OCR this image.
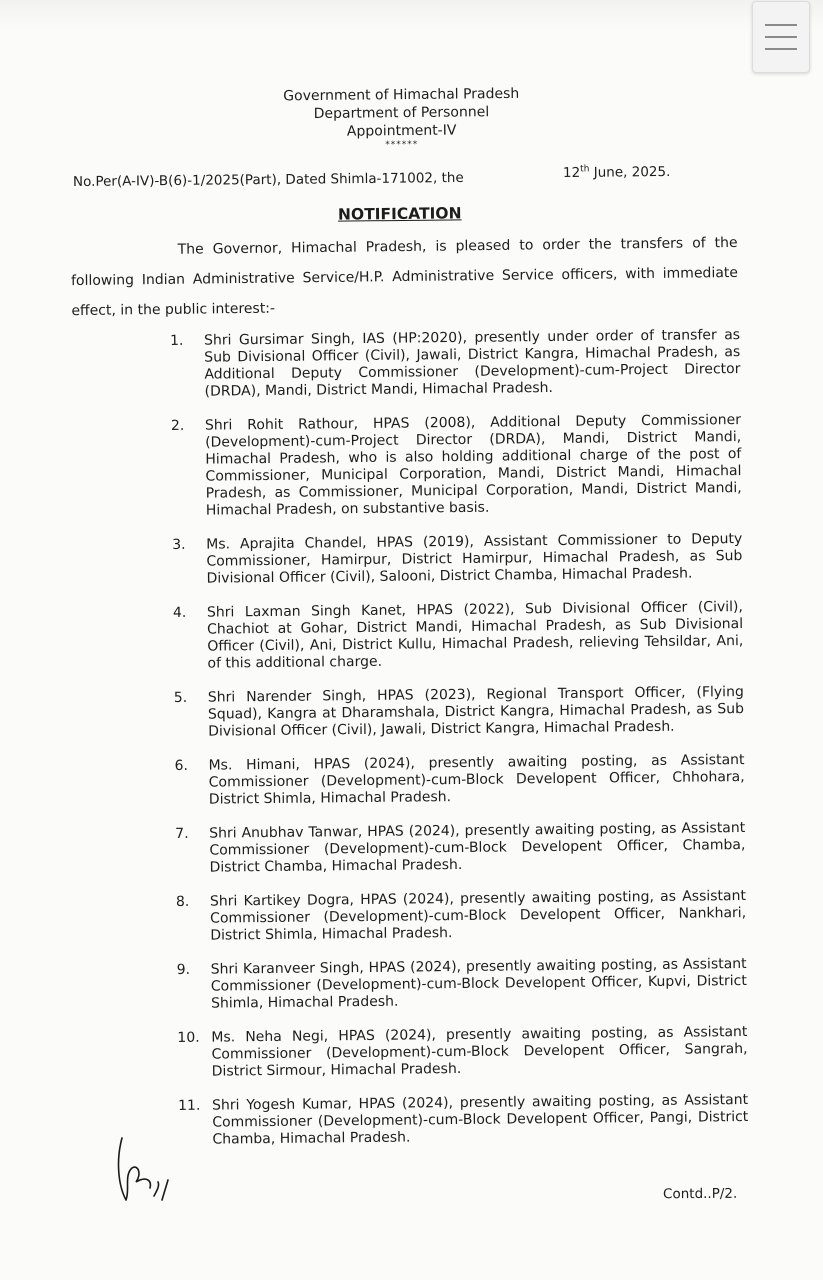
Government of Himachal Pradesh
Department of Personnel
Appointment-IV
******
No.Per(A-IV)-B(6)-1/2025(Part), Dated Shimla-171002, the	12th June, 2025.
NOTIFICATION
The Governor, Himachal Pradesh, is pleased to order the transfers of the following Indian Administrative Service/H.P. Administrative Service officers, with immediate effect, in the public interest:-
1.	Shri Gursimar Singh, IAS (HP:2020), presently under order of transfer as Sub Divisional Officer (Civil), Jawali, District Kangra, Himachal Pradesh, as Additional Deputy Commissioner (Development)-cum-Project Director (DRDA), Mandi, District Mandi, Himachal Pradesh.
2.	Shri Rohit Rathour, HPAS (2008), Additional Deputy Commissioner (Development)-cum-Project Director (DRDA), Mandi, District Mandi, Himachal Pradesh, who is also holding additional charge of the post of Commissioner, Municipal Corporation, Mandi, District Mandi, Himachal Pradesh, as Commissioner, Municipal Corporation, Mandi, District Mandi, Himachal Pradesh, on substantive basis.
3.	Ms. Aprajita Chandel, HPAS (2019), Assistant Commissioner to Deputy Commissioner, Hamirpur, District Hamirpur, Himachal Pradesh, as Sub Divisional Officer (Civil), Salooni, District Chamba, Himachal Pradesh.
4.	Shri Laxman Singh Kanet, HPAS (2022), Sub Divisional Officer (Civil), Chachiot at Gohar, District Mandi, Himachal Pradesh, as Sub Divisional Officer (Civil), Ani, District Kullu, Himachal Pradesh, relieving Tehsildar, Ani, of this additional charge.
5.	Shri Narender Singh, HPAS (2023), Regional Transport Officer, (Flying Squad), Kangra at Dharamshala, District Kangra, Himachal Pradesh, as Sub Divisional Officer (Civil), Jawali, District Kangra, Himachal Pradesh.
6.	Ms. Himani, HPAS (2024), presently awaiting posting, as Assistant Commissioner (Development)-cum-Block Developent Officer, Chhohara, District Shimla, Himachal Pradesh.
7.	Shri Anubhav Tanwar, HPAS (2024), presently awaiting posting, as Assistant Commissioner (Development)-cum-Block Developent Officer, Chamba, District Chamba, Himachal Pradesh.
8.	Shri Kartikey Dogra, HPAS (2024), presently awaiting posting, as Assistant Commissioner (Development)-cum-Block Developent Officer, Nankhari, District Shimla, Himachal Pradesh.
9.	Shri Karanveer Singh, HPAS (2024), presently awaiting posting, as Assistant Commissioner (Development)-cum-Block Developent Officer, Kupvi, District Shimla, Himachal Pradesh.
10. Ms. Neha Negi, HPAS (2024), presently awaiting posting, as Assistant Commissioner (Development)-cum-Block Developent Officer, Sangrah, District Sirmour, Himachal Pradesh.
11. Shri Yogesh Kumar, HPAS (2024), presently awaiting posting, as Assistant Commissioner (Development)-cum-Block Developent Officer, Pangi, District Chamba, Himachal Pradesh.
Contd..P/2.
